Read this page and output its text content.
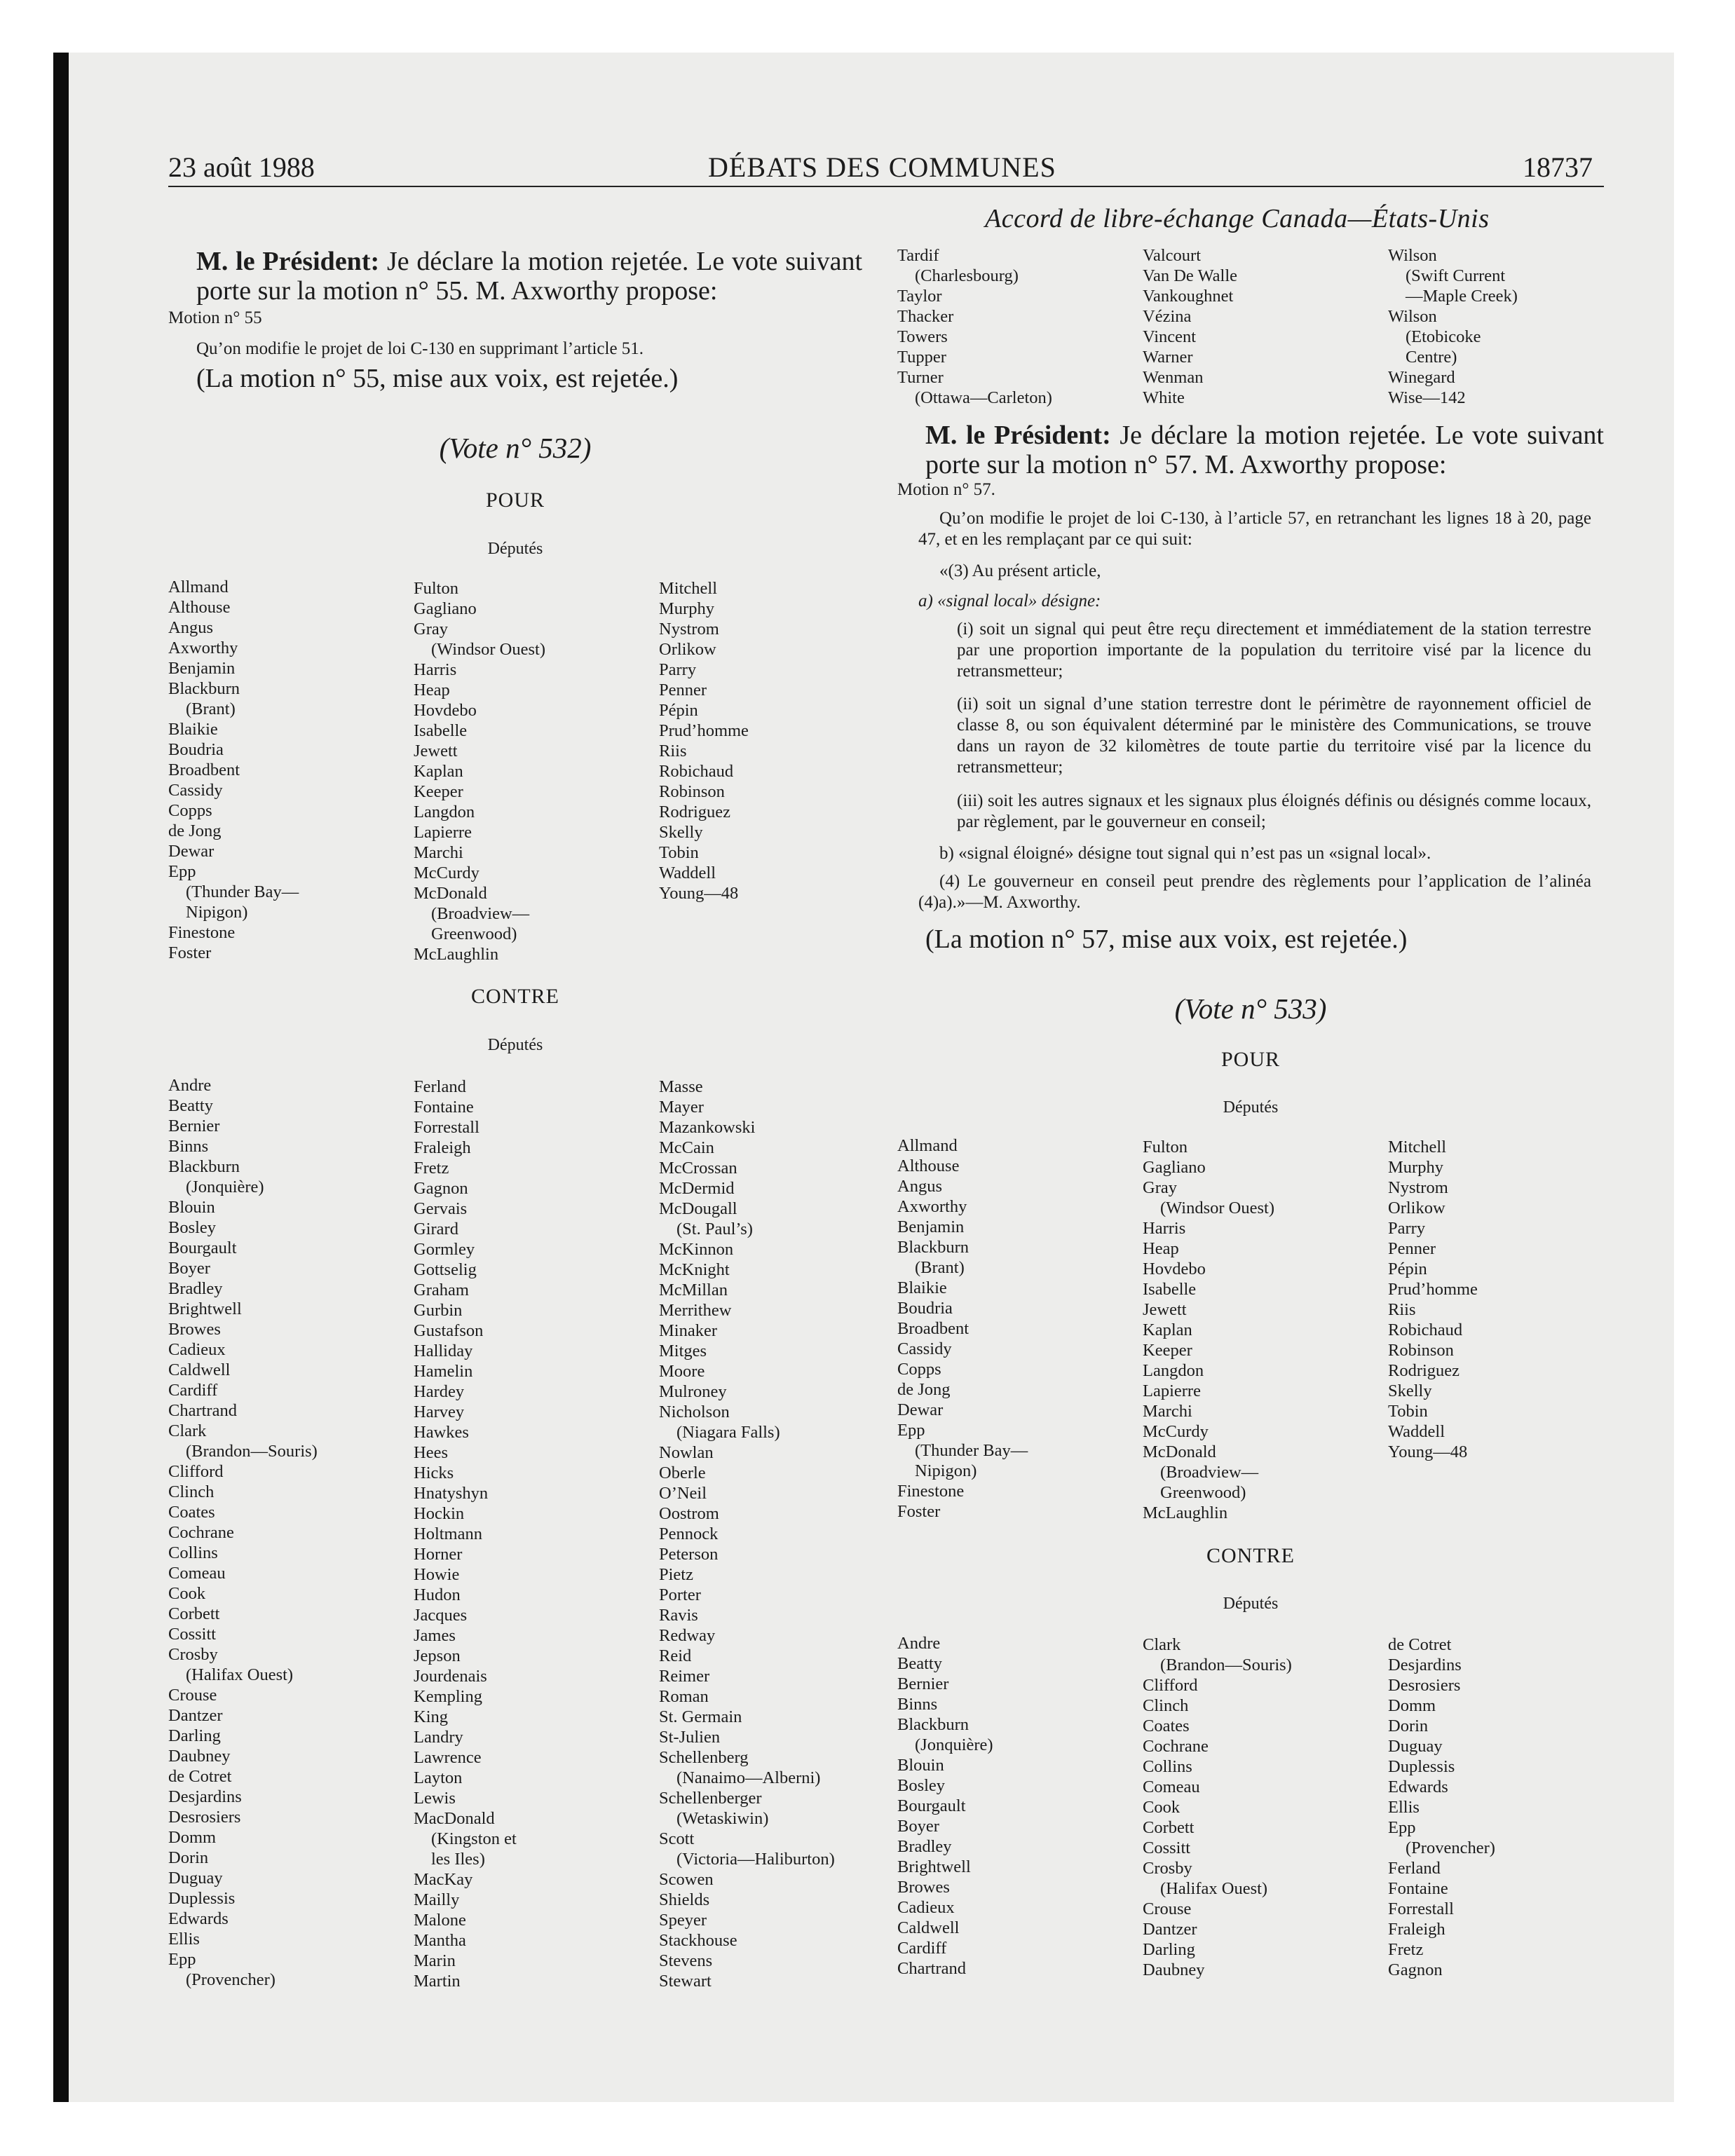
23 août 1988	DÉBATS DES COMMUNES	18737
Accord de libre-échange Canada—États-Unis
M. le Président: Je déclare la motion rejetée. Le vote suivant porte sur la motion n° 55. M. Axworthy propose:
Motion n° 55
Qu’on modifie le projet de loi C-130 en supprimant l’article 51.
(La motion n° 55, mise aux voix, est rejetée.)
(Vote n° 532)
POUR
Députés
Allmand
Althouse
Angus
Axworthy
Benjamin
Blackburn
(Brant)
Blaikie
Boudria
Broadbent
Cassidy
Copps
de Jong
Dewar
Epp
(Thunder Bay—
Nipigon)
Finestone
Foster
Fulton
Gagliano
Gray
(Windsor Ouest)
Harris
Heap
Hovdebo
Isabelle
Jewett
Kaplan
Keeper
Langdon
Lapierre
Marchi
McCurdy
McDonald
(Broadview—
Greenwood)
McLaughlin
Mitchell
Murphy
Nystrom
Orlikow
Parry
Penner
Pépin
Prud’homme
Riis
Robichaud
Robinson
Rodriguez
Skelly
Tobin
Waddell
Young—48
CONTRE
Députés
Andre
Beatty
Bernier
Binns
Blackburn
(Jonquière)
Blouin
Bosley
Bourgault
Boyer
Bradley
Brightwell
Browes
Cadieux
Caldwell
Cardiff
Chartrand
Clark
(Brandon—Souris)
Clifford
Clinch
Coates
Cochrane
Collins
Comeau
Cook
Corbett
Cossitt
Crosby
(Halifax Ouest)
Crouse
Dantzer
Darling
Daubney
de Cotret
Desjardins
Desrosiers
Domm
Dorin
Duguay
Duplessis
Edwards
Ellis
Epp
(Provencher)
Ferland
Fontaine
Forrestall
Fraleigh
Fretz
Gagnon
Gervais
Girard
Gormley
Gottselig
Graham
Gurbin
Gustafson
Halliday
Hamelin
Hardey
Harvey
Hawkes
Hees
Hicks
Hnatyshyn
Hockin
Holtmann
Horner
Howie
Hudon
Jacques
James
Jepson
Jourdenais
Kempling
King
Landry
Lawrence
Layton
Lewis
MacDonald
(Kingston et
les Iles)
MacKay
Mailly
Malone
Mantha
Marin
Martin
Masse
Mayer
Mazankowski
McCain
McCrossan
McDermid
McDougall
(St. Paul’s)
McKinnon
McKnight
McMillan
Merrithew
Minaker
Mitges
Moore
Mulroney
Nicholson
(Niagara Falls)
Nowlan
Oberle
O’Neil
Oostrom
Pennock
Peterson
Pietz
Porter
Ravis
Redway
Reid
Reimer
Roman
St. Germain
St-Julien
Schellenberg
(Nanaimo—Alberni)
Schellenberger
(Wetaskiwin)
Scott
(Victoria—Haliburton)
Scowen
Shields
Speyer
Stackhouse
Stevens
Stewart
Tardif
(Charlesbourg)
Taylor
Thacker
Towers
Tupper
Turner
(Ottawa—Carleton)
Valcourt
Van De Walle
Vankoughnet
Vézina
Vincent
Warner
Wenman
White
Wilson
(Swift Current
—Maple Creek)
Wilson
(Etobicoke
Centre)
Winegard
Wise—142
M. le Président: Je déclare la motion rejetée. Le vote suivant porte sur la motion n° 57. M. Axworthy propose:
Motion n° 57.
Qu’on modifie le projet de loi C-130, à l’article 57, en retranchant les lignes 18 à 20, page 47, et en les remplaçant par ce qui suit:
«(3) Au présent article,
a) «signal local» désigne:
(i) soit un signal qui peut être reçu directement et immédiatement de la station terrestre par une proportion importante de la population du territoire visé par la licence du retransmetteur;
(ii) soit un signal d’une station terrestre dont le périmètre de rayonnement officiel de classe 8, ou son équivalent déterminé par le ministère des Communications, se trouve dans un rayon de 32 kilomètres de toute partie du territoire visé par la licence du retransmetteur;
(iii) soit les autres signaux et les signaux plus éloignés définis ou désignés comme locaux, par règlement, par le gouverneur en conseil;
b) «signal éloigné» désigne tout signal qui n’est pas un «signal local».
(4) Le gouverneur en conseil peut prendre des règlements pour l’application de l’alinéa (4)a).»—M. Axworthy.
(La motion n° 57, mise aux voix, est rejetée.)
(Vote n° 533)
POUR
Députés
Allmand
Althouse
Angus
Axworthy
Benjamin
Blackburn
(Brant)
Blaikie
Boudria
Broadbent
Cassidy
Copps
de Jong
Dewar
Epp
(Thunder Bay—
Nipigon)
Finestone
Foster
Fulton
Gagliano
Gray
(Windsor Ouest)
Harris
Heap
Hovdebo
Isabelle
Jewett
Kaplan
Keeper
Langdon
Lapierre
Marchi
McCurdy
McDonald
(Broadview—
Greenwood)
McLaughlin
Mitchell
Murphy
Nystrom
Orlikow
Parry
Penner
Pépin
Prud’homme
Riis
Robichaud
Robinson
Rodriguez
Skelly
Tobin
Waddell
Young—48
CONTRE
Députés
Andre
Beatty
Bernier
Binns
Blackburn
(Jonquière)
Blouin
Bosley
Bourgault
Boyer
Bradley
Brightwell
Browes
Cadieux
Caldwell
Cardiff
Chartrand
Clark
(Brandon—Souris)
Clifford
Clinch
Coates
Cochrane
Collins
Comeau
Cook
Corbett
Cossitt
Crosby
(Halifax Ouest)
Crouse
Dantzer
Darling
Daubney
de Cotret
Desjardins
Desrosiers
Domm
Dorin
Duguay
Duplessis
Edwards
Ellis
Epp
(Provencher)
Ferland
Fontaine
Forrestall
Fraleigh
Fretz
Gagnon
